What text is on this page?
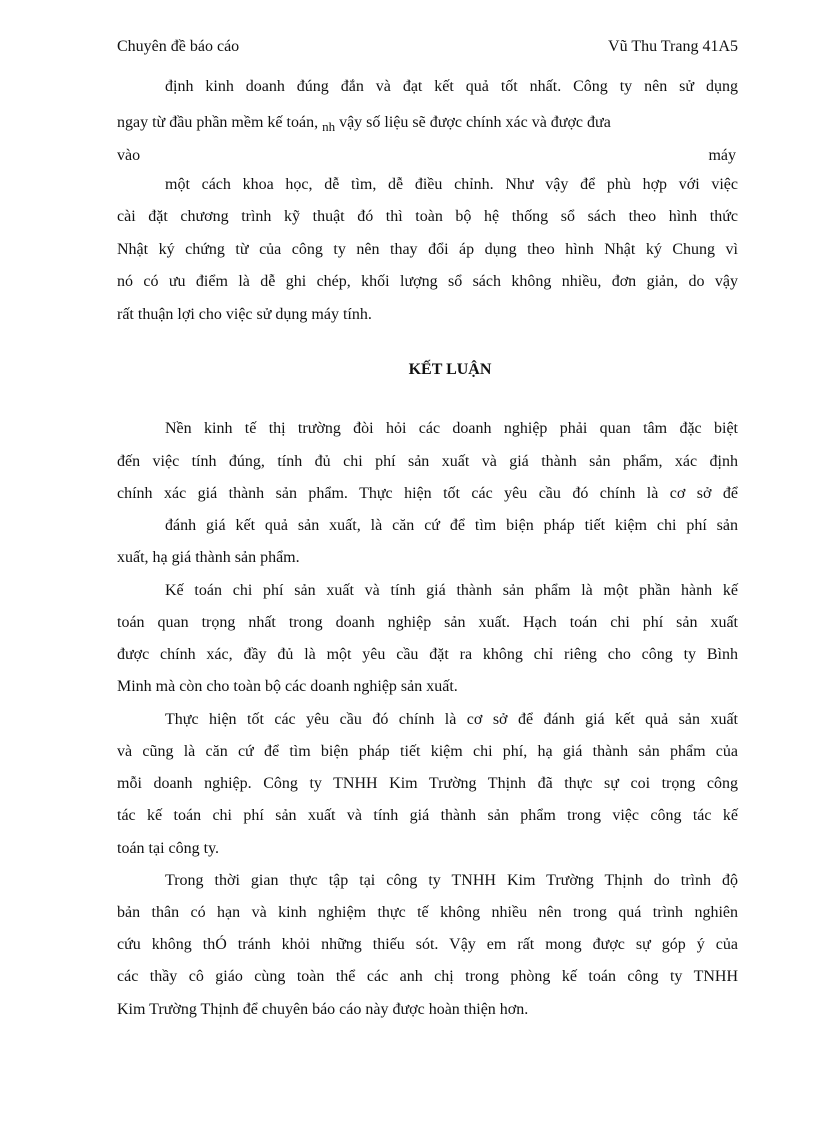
Chuyên đề báo cáo	Vũ Thu Trang 41A5
định kinh doanh đúng đắn và đạt kết quả tốt nhất. Công ty nên sử dụng
ngay từ đầu phần mềm kế toán, $_{nh}$ vậy số liệu sẽ được chính xác và được đưa
vào	máy
một cách khoa học, dễ tìm, dễ điều chỉnh. Như vậy để phù hợp với việc
cài đặt chương trình kỹ thuật đó thì toàn bộ hệ thống sổ sách theo hình thức
Nhật ký chứng từ của công ty nên thay đổi áp dụng theo hình Nhật ký Chung vì
nó có ưu điểm là dễ ghi chép, khối lượng sổ sách không nhiều, đơn giản, do vậy
rất thuận lợi cho việc sử dụng máy tính.
KẾT LUẬN
Nền kinh tế thị trường đòi hỏi các doanh nghiệp phải quan tâm đặc biệt
đến việc tính đúng, tính đủ chi phí sản xuất và giá thành sản phẩm, xác định
chính xác giá thành sản phẩm. Thực hiện tốt các yêu cầu đó chính là cơ sở để
đánh giá kết quả sản xuất, là căn cứ để tìm biện pháp tiết kiệm chi phí sản
xuất, hạ giá thành sản phẩm.
Kế toán chi phí sản xuất và tính giá thành sản phẩm là một phần hành kế
toán quan trọng nhất trong doanh nghiệp sản xuất. Hạch toán chi phí sản xuất
được chính xác, đầy đủ là một yêu cầu đặt ra không chỉ riêng cho công ty Bình
Minh mà còn cho toàn bộ các doanh nghiệp sản xuất.
Thực hiện tốt các yêu cầu đó chính là cơ sở để đánh giá kết quả sản xuất
và cũng là căn cứ để tìm biện pháp tiết kiệm chi phí, hạ giá thành sản phẩm của
mỗi doanh nghiệp. Công ty TNHH Kim Trường Thịnh đã thực sự coi trọng công
tác kế toán chi phí sản xuất và tính giá thành sản phẩm trong việc công tác kế
toán tại công ty.
Trong thời gian thực tập tại công ty TNHH Kim Trường Thịnh do trình độ
bản thân có hạn và kinh nghiệm thực tế không nhiều nên trong quá trình nghiên
cứu không thÓ tránh khỏi những thiếu sót. Vậy em rất mong được sự góp ý của
các thầy cô giáo cùng toàn thể các anh chị trong phòng kế toán công ty TNHH
Kim Trường Thịnh để chuyên báo cáo này được hoàn thiện hơn.
